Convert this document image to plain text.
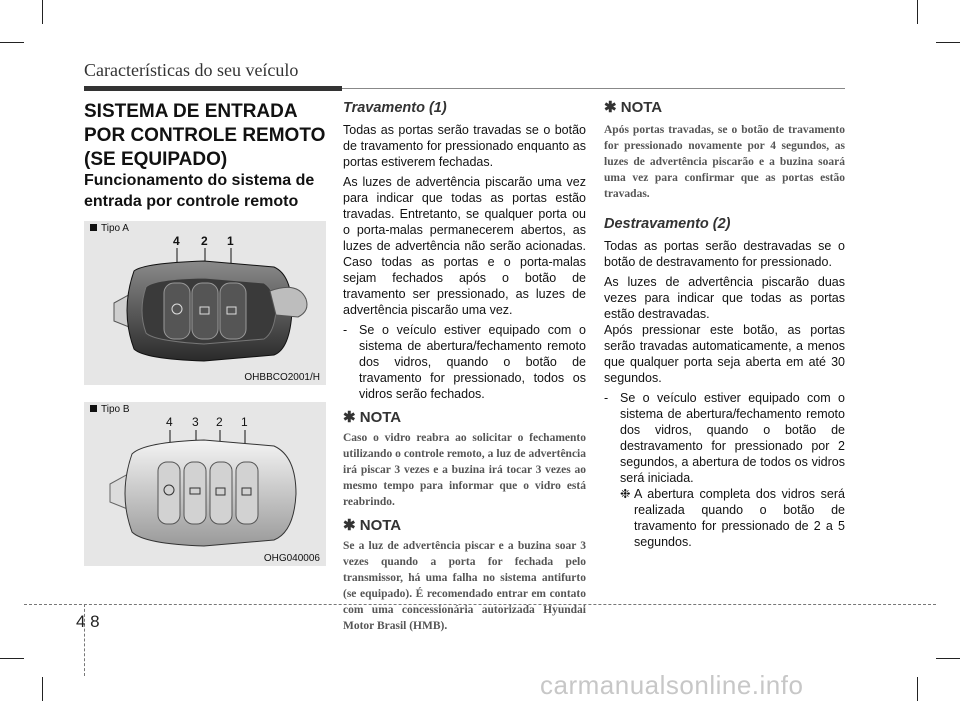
Características do seu veículo
SISTEMA DE ENTRADA POR CONTROLE REMOTO (SE EQUIPADO)
Funcionamento do sistema de entrada por controle remoto
Tipo A
4 2 1
OHBBCO2001/H
Tipo B
4 3 2 1
OHG040006
Travamento (1)

Todas as portas serão travadas se o botão de travamento for pressionado enquanto as portas estiverem fechadas.

As luzes de advertência piscarão uma vez para indicar que todas as portas estão travadas. Entretanto, se qualquer porta ou o porta-malas permanecerem abertos, as luzes de advertência não serão acionadas. Caso todas as portas e o porta-malas sejam fechados após o botão de travamento ser pressionado, as luzes de advertência piscarão uma vez.

- Se o veículo estiver equipado com o sistema de abertura/fechamento remoto dos vidros, quando o botão de travamento for pressionado, todos os vidros serão fechados.
✱ NOTA
Caso o vidro reabra ao solicitar o fechamento utilizando o controle remoto, a luz de advertência irá piscar 3 vezes e a buzina irá tocar 3 vezes ao mesmo tempo para informar que o vidro está reabrindo.
✱ NOTA
Se a luz de advertência piscar e a buzina soar 3 vezes quando a porta for fechada pelo transmissor, há uma falha no sistema antifurto (se equipado). É recomendado entrar em contato com uma concessionária autorizada Hyundai Motor Brasil (HMB).
✱ NOTA
Após portas travadas, se o botão de travamento for pressionado novamente por 4 segundos, as luzes de advertência piscarão e a buzina soará uma vez para confirmar que as portas estão travadas.
Destravamento (2)

Todas as portas serão destravadas se o botão de destravamento for pressionado.

As luzes de advertência piscarão duas vezes para indicar que todas as portas estão destravadas.

Após pressionar este botão, as portas serão travadas automaticamente, a menos que qualquer porta seja aberta em até 30 segundos.

- Se o veículo estiver equipado com o sistema de abertura/fechamento remoto dos vidros, quando o botão de destravamento for pressionado por 2 segundos, a abertura de todos os vidros será iniciada.
❉ A abertura completa dos vidros será realizada quando o botão de travamento for pressionado de 2 a 5 segundos.
4 8
carmanualsonline.info
